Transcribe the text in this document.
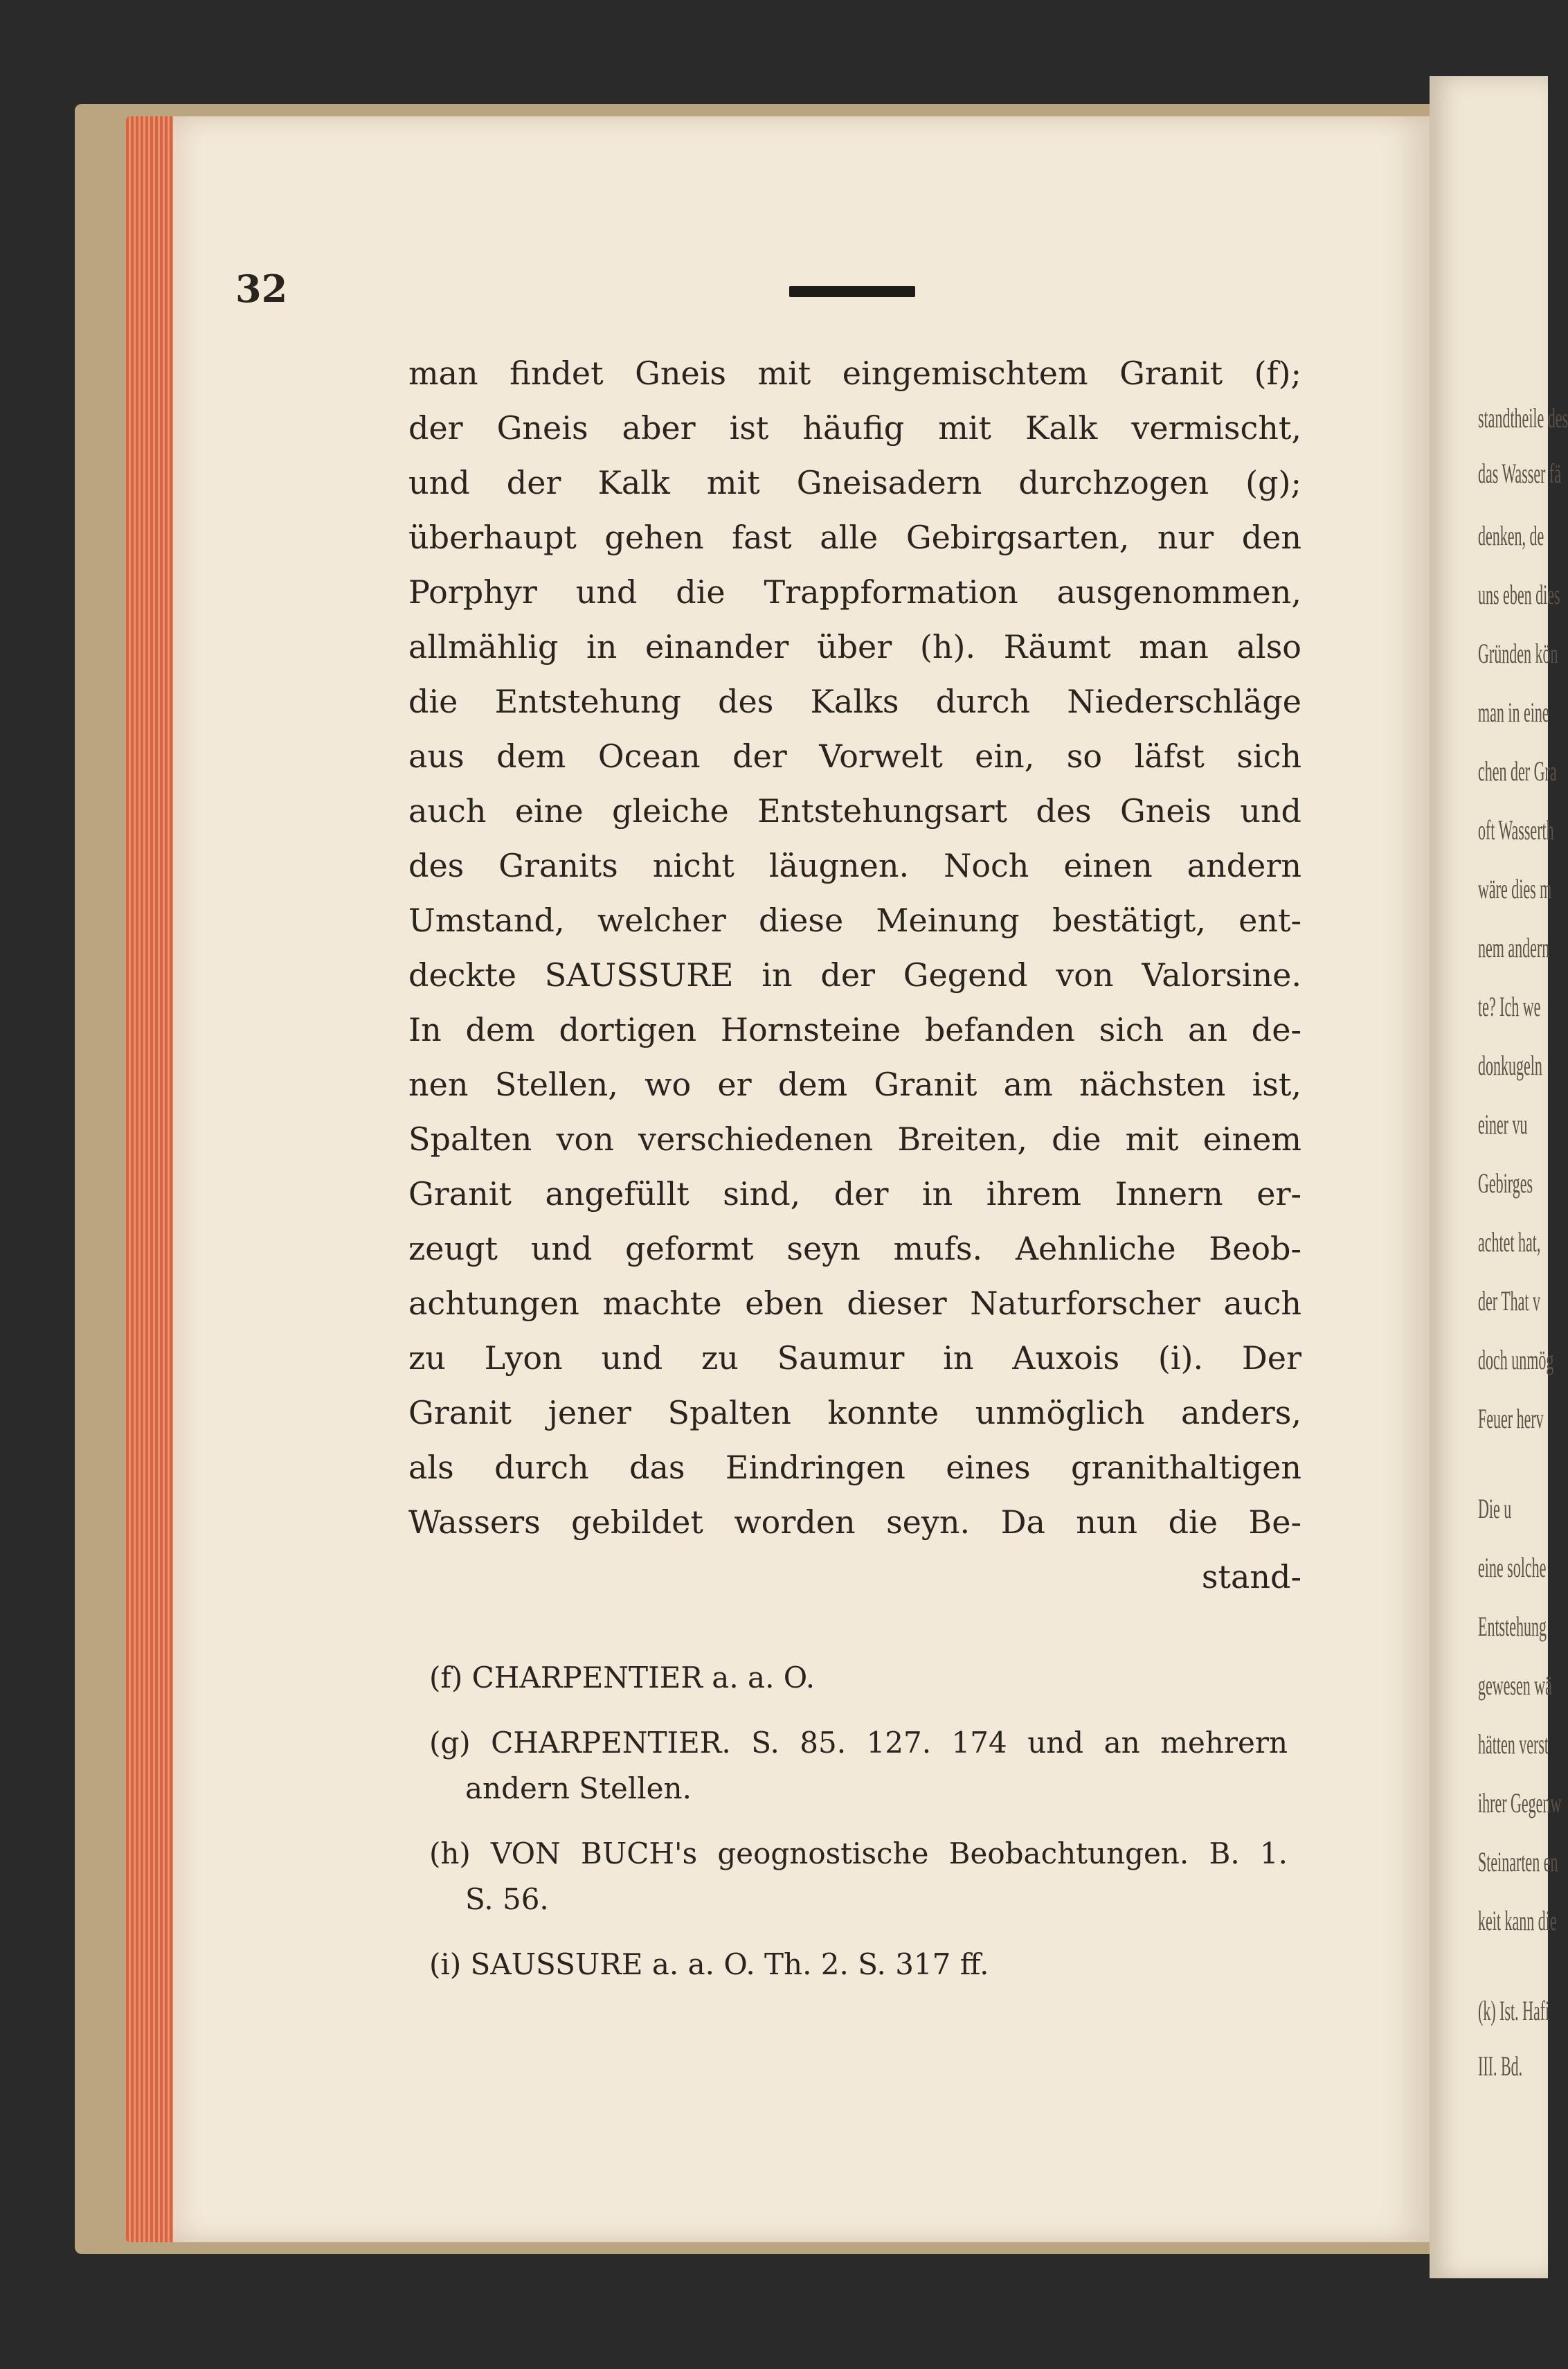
standtheile des
das Wasser fä
denken, de
uns eben dies
Gründen kön
man in eine
chen der Gra
oft Wasserth
wäre dies m
nem andern
te? Ich we
donkugeln
einer vu
Gebirges
achtet hat,
der That v
doch unmög
Feuer herv
Die u
eine solche
Entstehung
gewesen wä
hätten verst
ihrer Gegenw
Steinarten en
keit kann die
(k) Ist. Hafi
III. Bd.
32
man findet Gneis mit eingemischtem Granit (f);
der Gneis aber ist häufig mit Kalk vermischt,
und der Kalk mit Gneisadern durchzogen (g);
überhaupt gehen fast alle Gebirgsarten, nur den
Porphyr und die Trappformation ausgenommen,
allmählig in einander über (h). Räumt man also
die Entstehung des Kalks durch Niederschläge
aus dem Ocean der Vorwelt ein, so läfst sich
auch eine gleiche Entstehungsart des Gneis und
des Granits nicht läugnen. Noch einen andern
Umstand, welcher diese Meinung bestätigt, ent-
deckte SAUSSURE in der Gegend von Valorsine.
In dem dortigen Hornsteine befanden sich an de-
nen Stellen, wo er dem Granit am nächsten ist,
Spalten von verschiedenen Breiten, die mit einem
Granit angefüllt sind, der in ihrem Innern er-
zeugt und geformt seyn mufs. Aehnliche Beob-
achtungen machte eben dieser Naturforscher auch
zu Lyon und zu Saumur in Auxois (i). Der
Granit jener Spalten konnte unmöglich anders,
als durch das Eindringen eines granithaltigen
Wassers gebildet worden seyn. Da nun die Be-
stand-
(f) CHARPENTIER a. a. O.
(g) CHARPENTIER. S. 85. 127. 174 und an mehrern
andern Stellen.
(h) VON BUCH's geognostische Beobachtungen. B. 1.
S. 56.
(i) SAUSSURE a. a. O. Th. 2. S. 317 ff.
